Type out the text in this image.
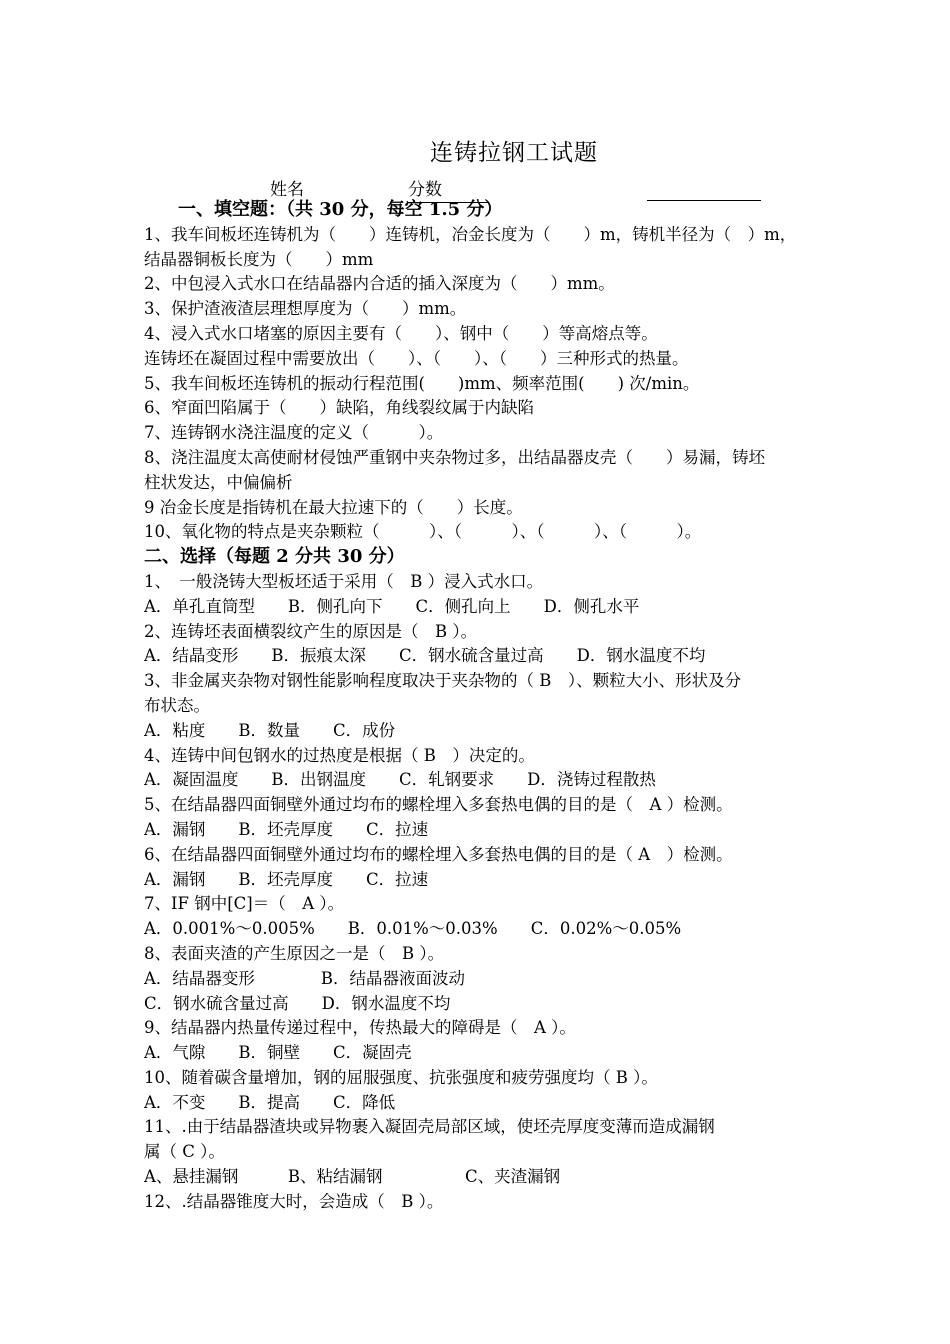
连铸拉钢工试题
姓名	分数
一、填空题：（共 30 分，每空 1.5 分）
1、我车间板坯连铸机为（　　）连铸机，冶金长度为（　　）m，铸机半径为（　）m，
结晶器铜板长度为（　　）mm
2、中包浸入式水口在结晶器内合适的插入深度为（　　）mm。
3、保护渣液渣层理想厚度为（　　）mm。
4、浸入式水口堵塞的原因主要有（　　）、钢中（　　）等高熔点等。
连铸坯在凝固过程中需要放出（　　）、（　　）、（　　）三种形式的热量。
5、我车间板坯连铸机的振动行程范围(　　)mm、频率范围(　　) 次/min。
6、窄面凹陷属于（　　）缺陷，角线裂纹属于内缺陷
7、连铸钢水浇注温度的定义（　　　）。
8、浇注温度太高使耐材侵蚀严重钢中夹杂物过多，出结晶器皮壳（　　）易漏，铸坯
柱状发达，中偏偏析
9 冶金长度是指铸机在最大拉速下的（　　）长度。
10、氧化物的特点是夹杂颗粒（　　　）、（　　　）、（　　　）、（　　　）。
二、选择（每题 2 分共 30 分）
1、　一般浇铸大型板坯适于采用（　B ）浸入式水口。
A．单孔直筒型　　B．侧孔向下　　C．侧孔向上　　D．侧孔水平
2、连铸坯表面横裂纹产生的原因是（　B ）。
A．结晶变形　　B．振痕太深　　C．钢水硫含量过高　　D．钢水温度不均
3、非金属夹杂物对钢性能影响程度取决于夹杂物的（ B　）、颗粒大小、形状及分
布状态。
A．粘度　　B．数量　　C．成份
4、连铸中间包钢水的过热度是根据（ B　）决定的。
A．凝固温度　　B．出钢温度　　C．轧钢要求　　D．浇铸过程散热
5、在结晶器四面铜壁外通过均布的螺栓埋入多套热电偶的目的是（　A ）检测。
A．漏钢　　B．坯壳厚度　　C．拉速
6、在结晶器四面铜壁外通过均布的螺栓埋入多套热电偶的目的是（ A　）检测。
A．漏钢　　B．坯壳厚度　　C．拉速
7、IF 钢中[C]＝（　A ）。
A．0.001%～0.005%　　B．0.01%～0.03%　　C．0.02%～0.05%
8、表面夹渣的产生原因之一是（　B ）。
A．结晶器变形　　　　B．结晶器液面波动
C．钢水硫含量过高　　D．钢水温度不均
9、结晶器内热量传递过程中，传热最大的障碍是（　A ）。
A．气隙　　B．铜壁　　C．凝固壳
10、随着碳含量增加，钢的屈服强度、抗张强度和疲劳强度均（ B ）。
A．不变　　B．提高　　C．降低
11、.由于结晶器渣块或异物裹入凝固壳局部区域，使坯壳厚度变薄而造成漏钢
属（ C ）。
A、悬挂漏钢　　　B、粘结漏钢　　　　　C、夹渣漏钢
12、.结晶器锥度大时，会造成（　B ）。
